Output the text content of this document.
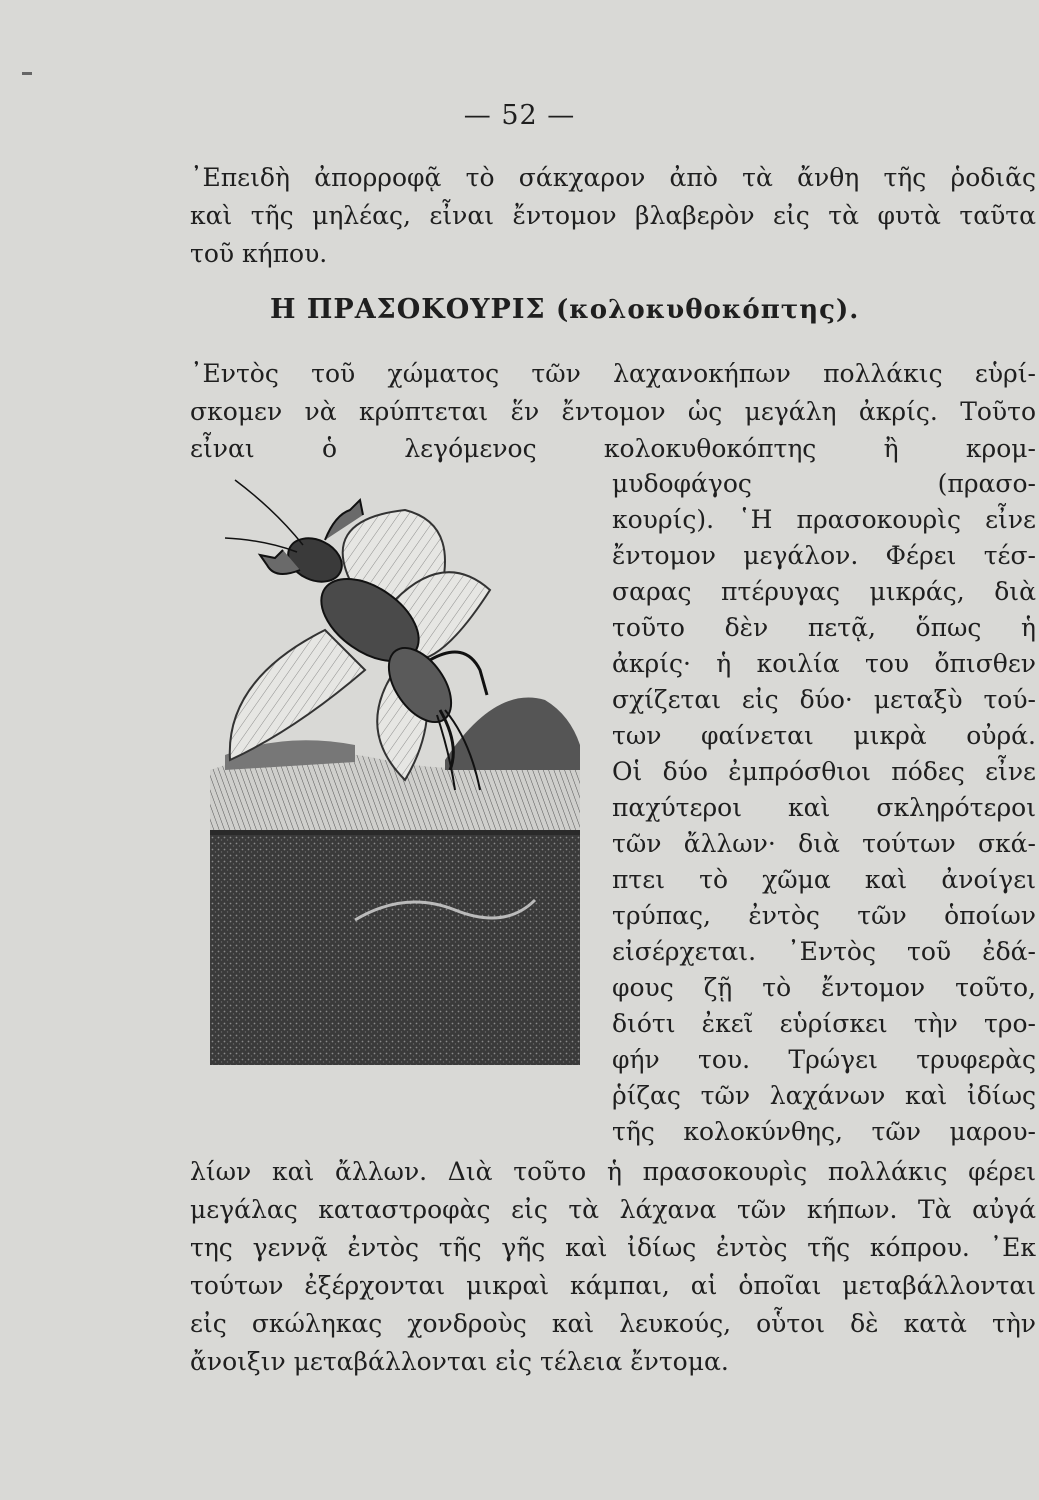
— 52 —
᾿Επειδὴ ἀπορροφᾷ τὸ σάκχαρον ἀπὸ τὰ ἄνθη τῆς ῥοδιᾶς
καὶ τῆς μηλέας, εἶναι ἔντομον βλαβερὸν εἰς τὰ φυτὰ ταῦτα
τοῦ κήπου.
Η ΠΡΑΣΟΚΟΥΡΙΣ (κολοκυθοκόπτης).
᾿Εντὸς τοῦ χώματος τῶν λαχανοκήπων πολλάκις εὑρί-
σκομεν νὰ κρύπτεται ἕν ἔντομον ὡς μεγάλη ἀκρίς. Τοῦτο
εἶναι ὁ λεγόμενος κολοκυθοκόπτης ἢ κρομ-
μυδοφάγος (πρασο-
κουρίς). ῾Η πρασοκουρὶς εἶνε
ἔντομον μεγάλον. Φέρει τέσ-
σαρας πτέρυγας μικράς, διὰ
τοῦτο δὲν πετᾷ, ὅπως ἡ
ἀκρίς· ἡ κοιλία του ὄπισθεν
σχίζεται εἰς δύο· μεταξὺ τού-
των φαίνεται μικρὰ οὐρά.
Οἱ δύο ἐμπρόσθιοι πόδες εἶνε
παχύτεροι καὶ σκληρότεροι
τῶν ἄλλων· διὰ τούτων σκά-
πτει τὸ χῶμα καὶ ἀνοίγει
τρύπας, ἐντὸς τῶν ὁποίων
εἰσέρχεται. ᾿Εντὸς τοῦ ἐδά-
φους ζῇ τὸ ἔντομον τοῦτο,
διότι ἐκεῖ εὑρίσκει τὴν τρο-
φήν του. Τρώγει τρυφερὰς
ῥίζας τῶν λαχάνων καὶ ἰδίως
τῆς κολοκύνθης, τῶν μαρου-
λίων καὶ ἄλλων. Διὰ τοῦτο ἡ πρασοκουρὶς πολλάκις φέρει
μεγάλας καταστροφὰς εἰς τὰ λάχανα τῶν κήπων. Τὰ αὐγά
της γεννᾷ ἐντὸς τῆς γῆς καὶ ἰδίως ἐντὸς τῆς κόπρου. ᾿Εκ
τούτων ἐξέρχονται μικραὶ κάμπαι, αἱ ὁποῖαι μεταβάλλονται
εἰς σκώληκας χονδροὺς καὶ λευκούς, οὗτοι δὲ κατὰ τὴν
ἄνοιξιν μεταβάλλονται εἰς τέλεια ἔντομα.
